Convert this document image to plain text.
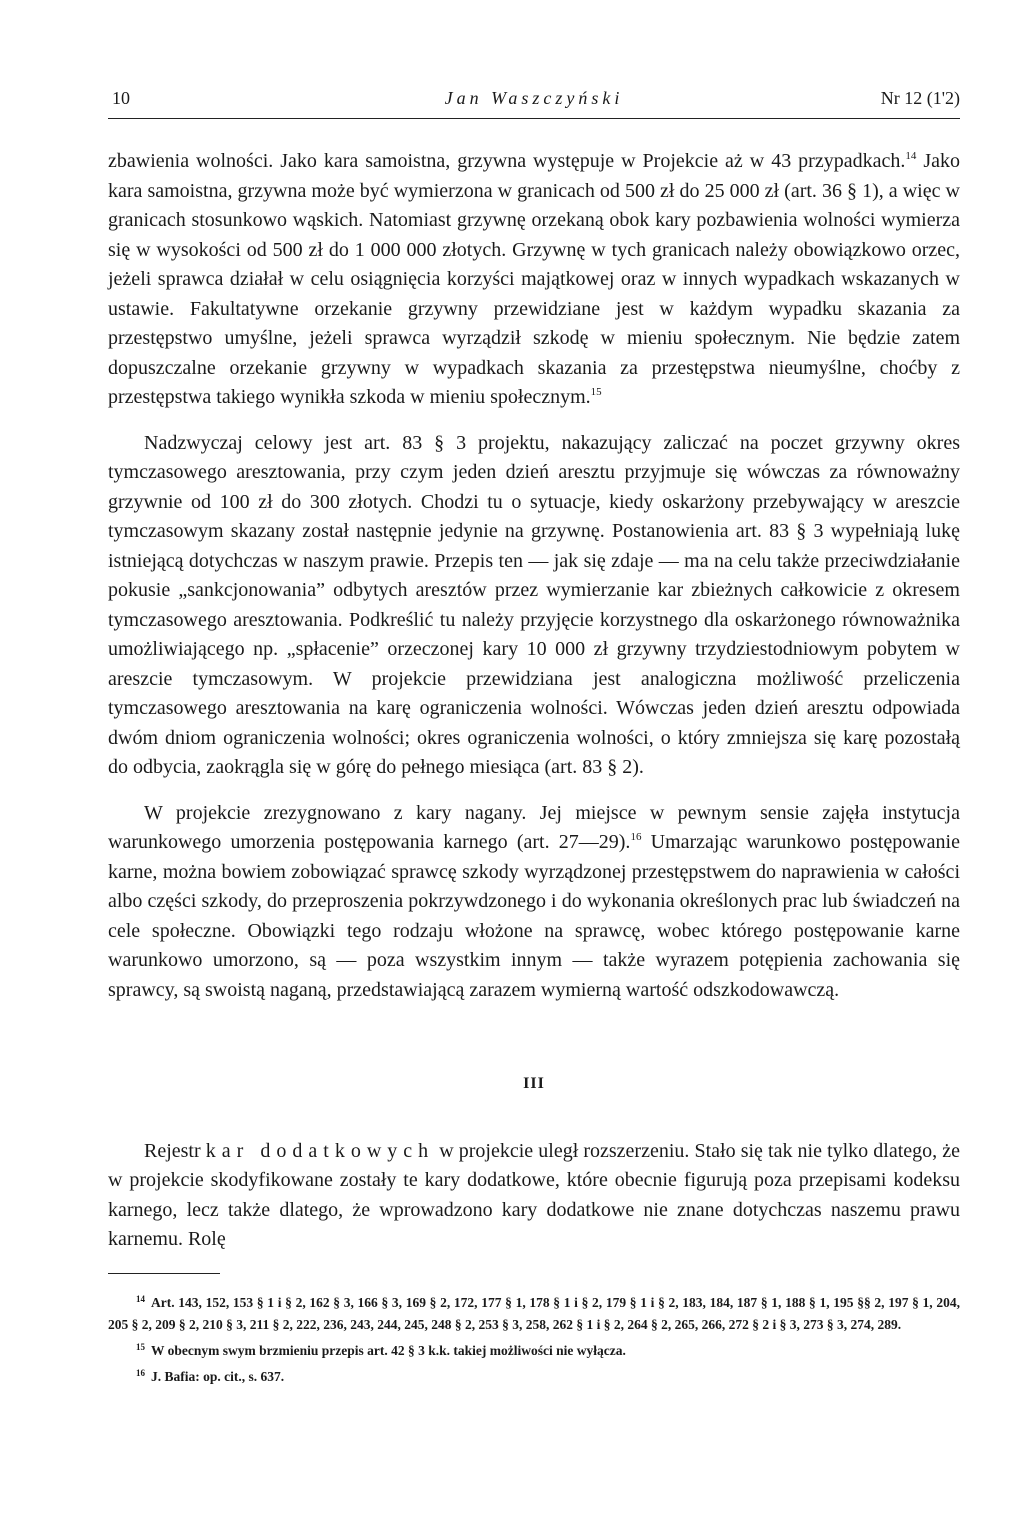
10	Jan Waszczyński	Nr 12 (1'2)

zbawienia wolności. Jako kara samoistna, grzywna występuje w Projekcie aż w 43 przypadkach.$^{14}$ Jako kara samoistna, grzywna może być wymierzona w granicach od 500 zł do 25 000 zł (art. 36 § 1), a więc w granicach stosunkowo wąskich. Natomiast grzywnę orzekaną obok kary pozbawienia wolności wymierza się w wysokości od 500 zł do 1 000 000 złotych. Grzywnę w tych granicach należy obowiązkowo orzec, jeżeli sprawca działał w celu osiągnięcia korzyści majątkowej oraz w innych wypadkach wskazanych w ustawie. Fakultatywne orzekanie grzywny przewidziane jest w każdym wypadku skazania za przestępstwo umyślne, jeżeli sprawca wyrządził szkodę w mieniu społecznym. Nie będzie zatem dopuszczalne orzekanie grzywny w wypadkach skazania za przestępstwa nieumyślne, choćby z przestępstwa takiego wynikła szkoda w mieniu społecznym.$^{15}$

Nadzwyczaj celowy jest art. 83 § 3 projektu, nakazujący zaliczać na poczet grzywny okres tymczasowego aresztowania, przy czym jeden dzień aresztu przyjmuje się wówczas za równoważny grzywnie od 100 zł do 300 złotych. Chodzi tu o sytuacje, kiedy oskarżony przebywający w areszcie tymczasowym skazany został następnie jedynie na grzywnę. Postanowienia art. 83 § 3 wypełniają lukę istniejącą dotychczas w naszym prawie. Przepis ten — jak się zdaje — ma na celu także przeciwdziałanie pokusie „sankcjonowania” odbytych aresztów przez wymierzanie kar zbieżnych całkowicie z okresem tymczasowego aresztowania. Podkreślić tu należy przyjęcie korzystnego dla oskarżonego równoważnika umożliwiającego np. „spłacenie” orzeczonej kary 10 000 zł grzywny trzydziestodniowym pobytem w areszcie tymczasowym. W projekcie przewidziana jest analogiczna możliwość przeliczenia tymczasowego aresztowania na karę ograniczenia wolności. Wówczas jeden dzień aresztu odpowiada dwóm dniom ograniczenia wolności; okres ograniczenia wolności, o który zmniejsza się karę pozostałą do odbycia, zaokrągla się w górę do pełnego miesiąca (art. 83 § 2).

W projekcie zrezygnowano z kary nagany. Jej miejsce w pewnym sensie zajęła instytucja warunkowego umorzenia postępowania karnego (art. 27—29).$^{16}$ Umarzając warunkowo postępowanie karne, można bowiem zobowiązać sprawcę szkody wyrządzonej przestępstwem do naprawienia w całości albo części szkody, do przeproszenia pokrzywdzonego i do wykonania określonych prac lub świadczeń na cele społeczne. Obowiązki tego rodzaju włożone na sprawcę, wobec którego postępowanie karne warunkowo umorzono, są — poza wszystkim innym — także wyrazem potępienia zachowania się sprawcy, są swoistą naganą, przedstawiającą zarazem wymierną wartość odszkodowawczą.

III

Rejestr kar dodatkowych w projekcie uległ rozszerzeniu. Stało się tak nie tylko dlatego, że w projekcie skodyfikowane zostały te kary dodatkowe, które obecnie figurują poza przepisami kodeksu karnego, lecz także dlatego, że wprowadzono kary dodatkowe nie znane dotychczas naszemu prawu karnemu. Rolę

$^{14}$ Art. 143, 152, 153 § 1 i § 2, 162 § 3, 166 § 3, 169 § 2, 172, 177 § 1, 178 § 1 i § 2, 179 § 1 i § 2, 183, 184, 187 § 1, 188 § 1, 195 §§ 2, 197 § 1, 204, 205 § 2, 209 § 2, 210 § 3, 211 § 2, 222, 236, 243, 244, 245, 248 § 2, 253 § 3, 258, 262 § 1 i § 2, 264 § 2, 265, 266, 272 § 2 i § 3, 273 § 3, 274, 289.

$^{15}$ W obecnym swym brzmieniu przepis art. 42 § 3 k.k. takiej możliwości nie wyłącza.

$^{16}$ J. Bafia: op. cit., s. 637.
